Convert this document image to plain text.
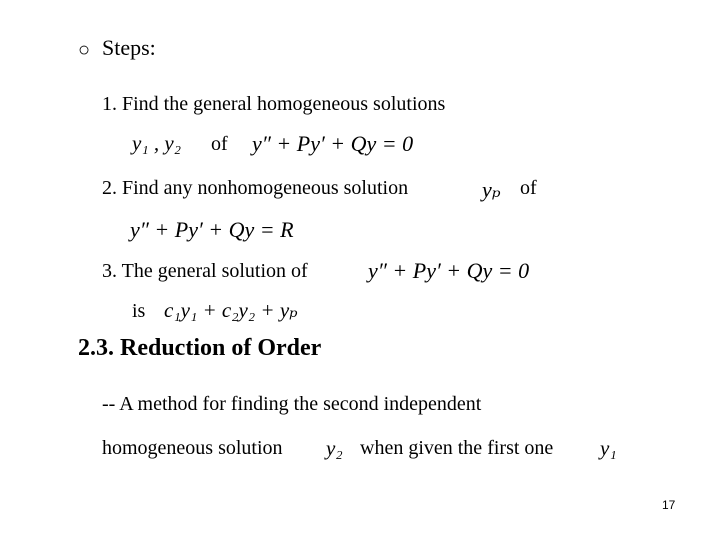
○ Steps:
1. Find the general homogeneous solutions
y₁ , y₂ of y″ + Py′ + Qy = 0
2. Find any nonhomogeneous solution	yₚ of
y″ + Py′ + Qy = R
3. The general solution of	y″ + Py′ + Qy = 0
is c₁y₁ + c₂y₂ + yₚ
2.3. Reduction of Order
-- A method for finding the second independent
homogeneous solution y₂ when given the first one y₁
17
